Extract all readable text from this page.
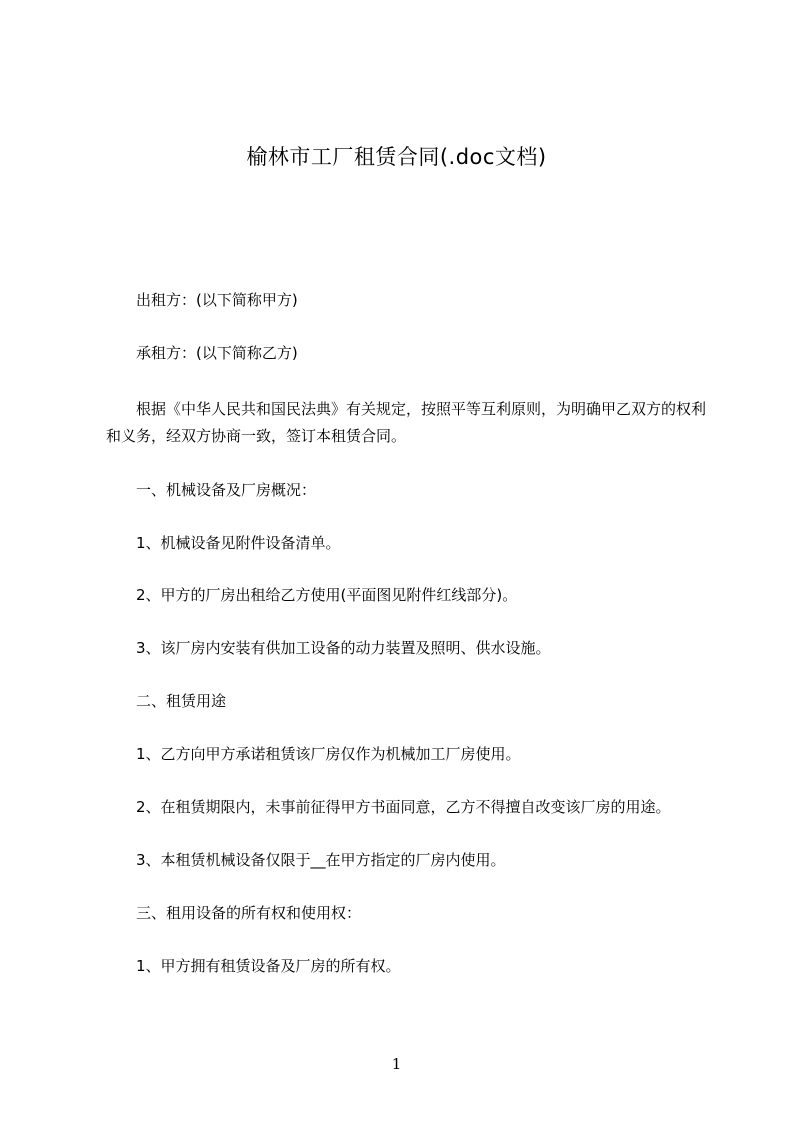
榆林市工厂租赁合同(.doc文档)
出租方：(以下简称甲方)
承租方：(以下简称乙方)
根据《中华人民共和国民法典》有关规定，按照平等互利原则，为明确甲乙双方的权利和义务，经双方协商一致，签订本租赁合同。
一、机械设备及厂房概况：
1、机械设备见附件设备清单。
2、甲方的厂房出租给乙方使用(平面图见附件红线部分)。
3、该厂房内安装有供加工设备的动力装置及照明、供水设施。
二、租赁用途
1、乙方向甲方承诺租赁该厂房仅作为机械加工厂房使用。
2、在租赁期限内，未事前征得甲方书面同意，乙方不得擅自改变该厂房的用途。
3、本租赁机械设备仅限于__在甲方指定的厂房内使用。
三、租用设备的所有权和使用权：
1、甲方拥有租赁设备及厂房的所有权。
1
